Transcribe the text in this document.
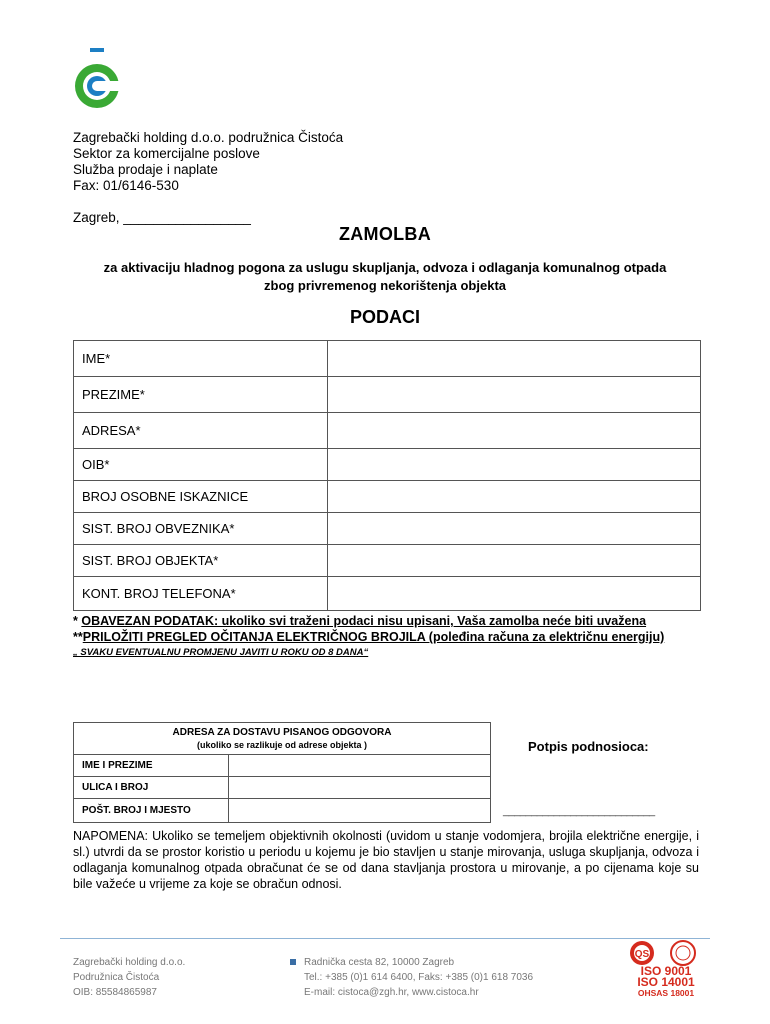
Zagrebački holding d.o.o. podružnica Čistoća
Sektor za komercijalne poslove
Služba prodaje i naplate
Fax: 01/6146-530
Zagreb, _________________
ZAMOLBA
za aktivaciju hladnog pogona za uslugu skupljanja, odvoza i odlaganja komunalnog otpada
zbog privremenog nekorištenja objekta
PODACI
IME*	
PREZIME*	
ADRESA*	
OIB*	
BROJ OSOBNE ISKAZNICE	
SIST. BROJ OBVEZNIKA*	
SIST. BROJ OBJEKTA*	
KONT. BROJ TELEFONA*	
* OBAVEZAN PODATAK: ukoliko svi traženi podaci nisu upisani, Vaša zamolba neće biti uvažena
**PRILOŽITI PREGLED OČITANJA ELEKTRIČNOG BROJILA (poleđina računa za električnu energiju)
„ SVAKU EVENTUALNU PROMJENU JAVITI U ROKU OD 8 DANA“
ADRESA ZA DOSTAVU PISANOG ODGOVORA
(ukoliko se razlikuje od adrese objekta )	

IME I PREZIME	
ULICA I BROJ	
POŠT. BROJ I MJESTO	
Potpis podnosioca:
___________________________
NAPOMENA: Ukoliko se temeljem objektivnih okolnosti (uvidom u stanje vodomjera, brojila električne energije, i sl.) utvrdi da se prostor koristio u periodu u kojemu je bio stavljen u stanje mirovanja, usluga skupljanja, odvoza i odlaganja komunalnog otpada obračunat će se od dana stavljanja prostora u mirovanje, a po cijenama koje su bile važeće u vrijeme za koje se obračun odnosi.
Zagrebački holding d.o.o.
Podružnica Čistoća
OIB: 85584865987
Radnička cesta 82, 10000 Zagreb
Tel.: +385 (0)1 614 6400, Faks: +385 (0)1 618 7036
E-mail: cistoca@zgh.hr, www.cistoca.hr
QS
ISO 9001
ISO 14001
OHSAS 18001
